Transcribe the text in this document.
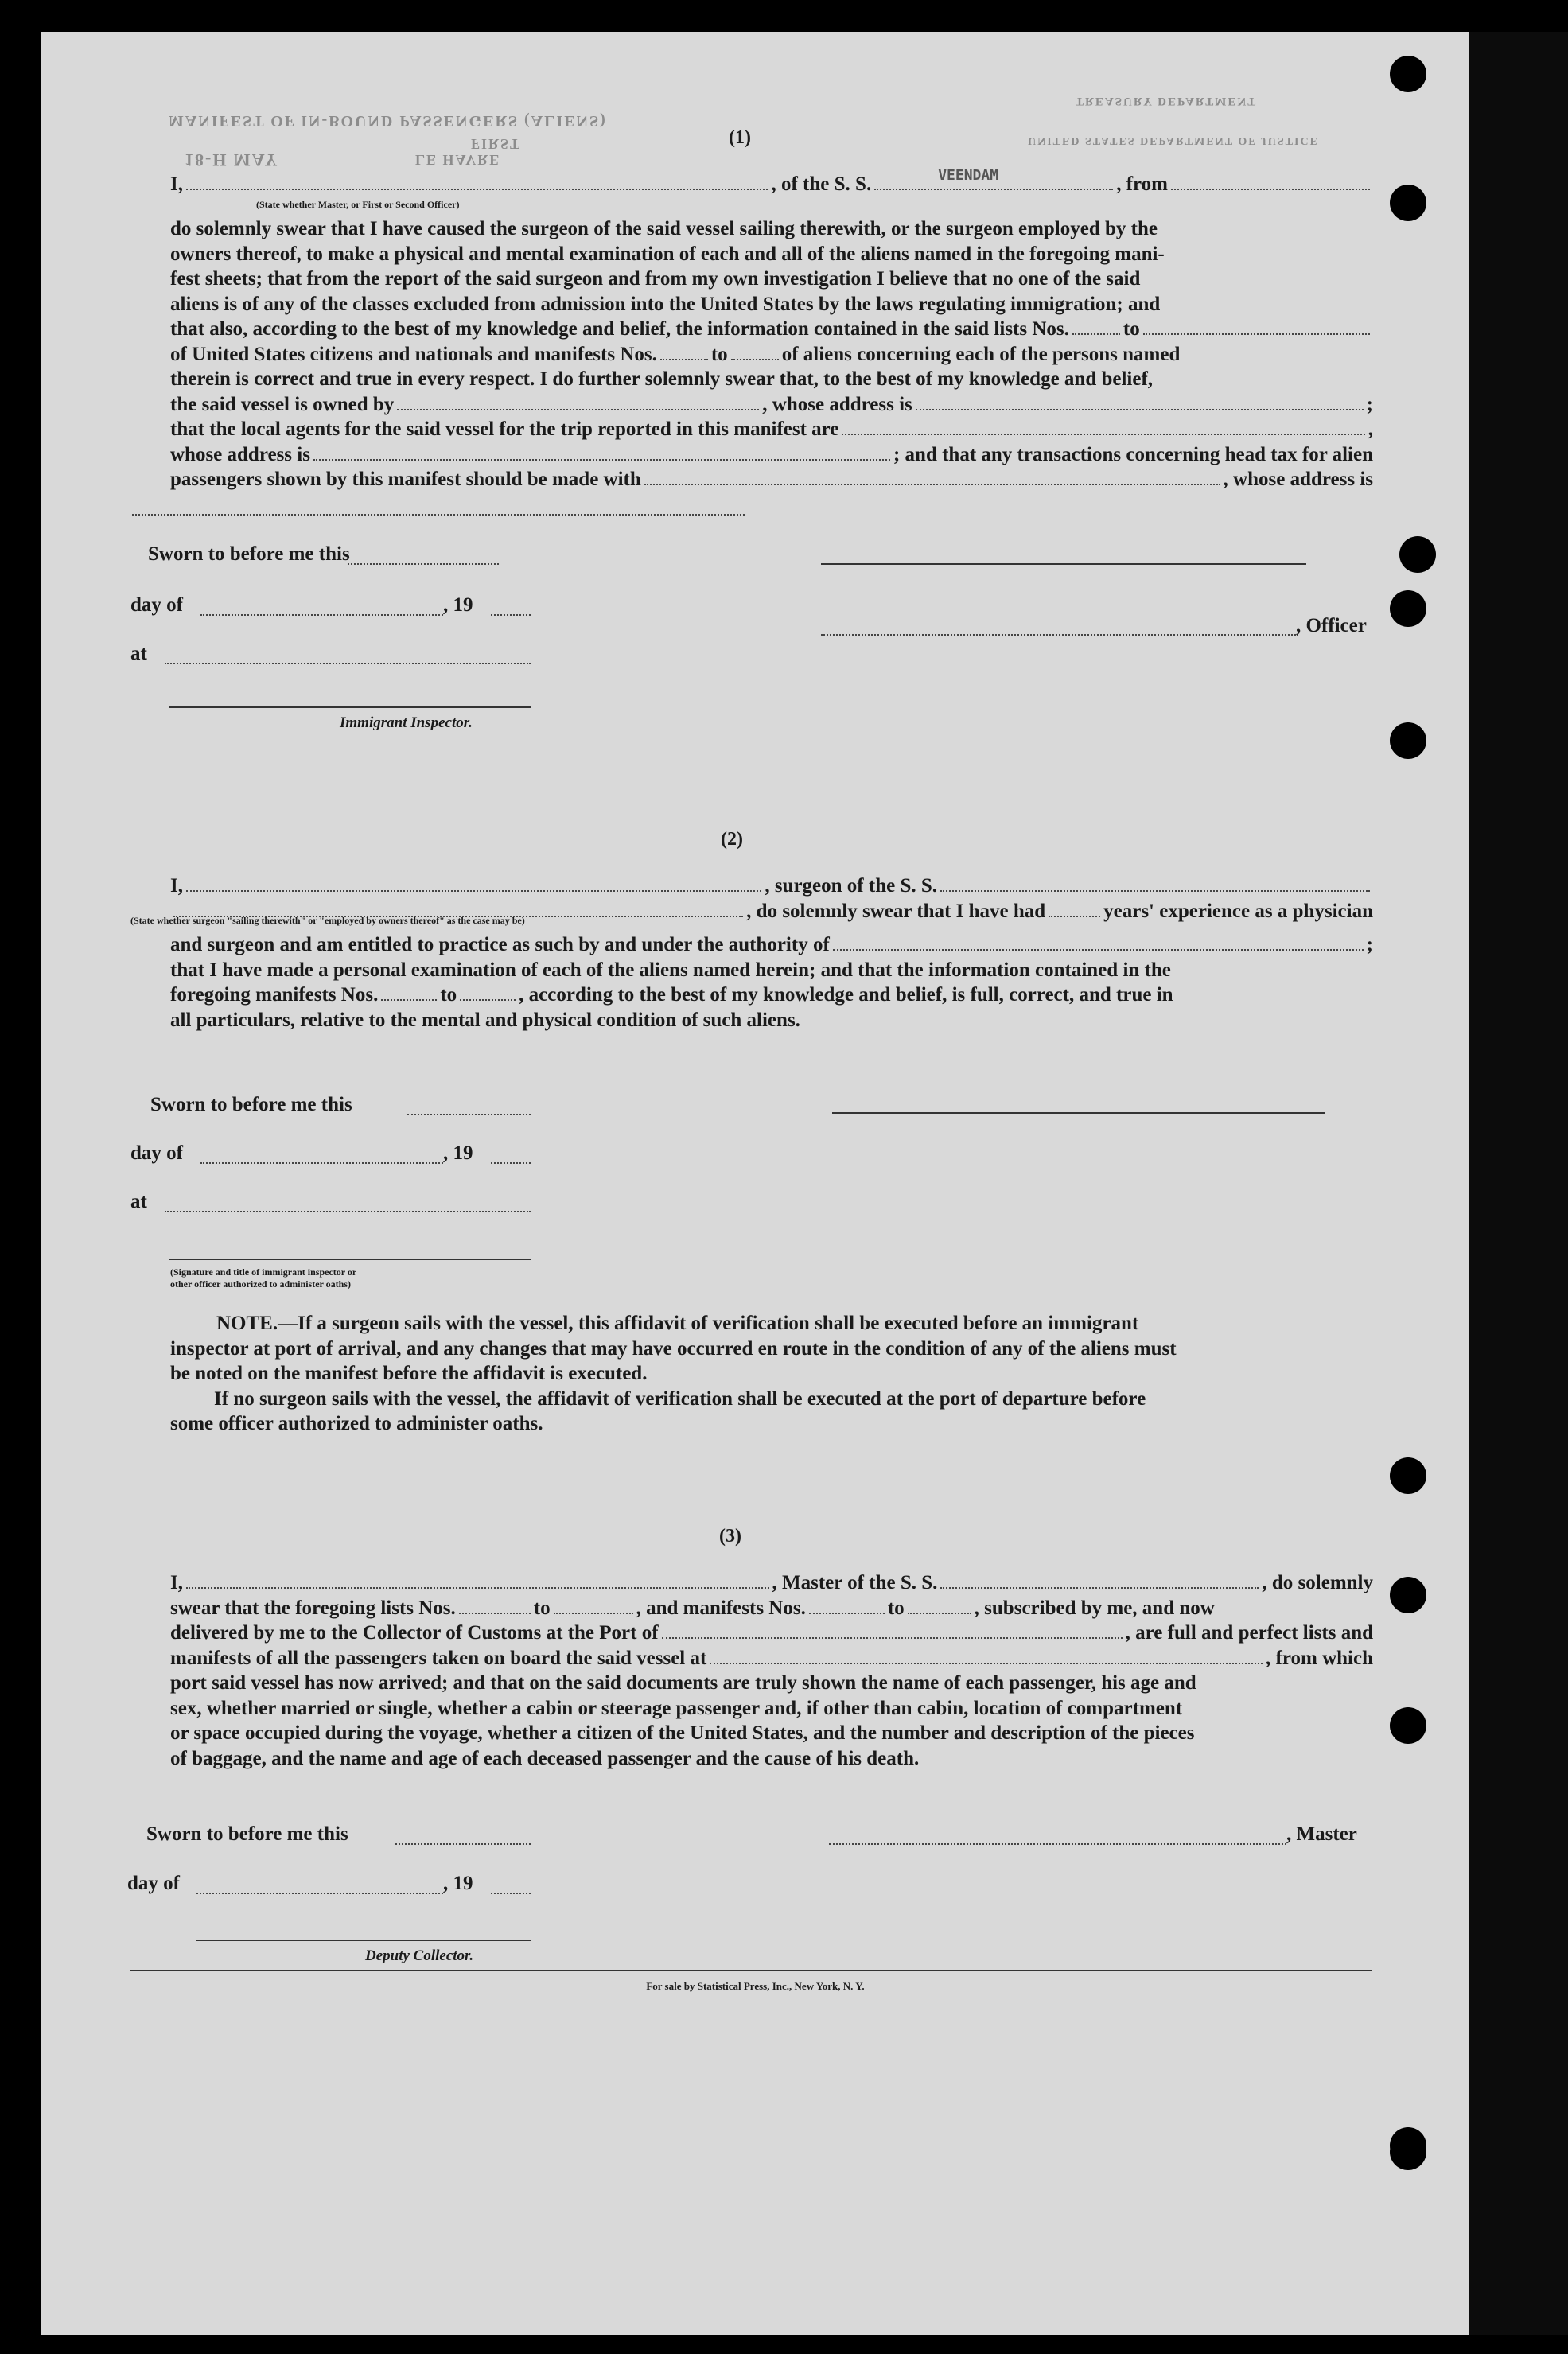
MANIFEST OF IN-BOUND PASSENGERS (ALIENS)
TREASURY DEPARTMENT
UNITED STATES DEPARTMENT OF JUSTICE
18-H MAY	LE HAVRE
FIRST	(1)
I,	, of the S. S.	VEENDAM	, from
(State whether Master, or First or Second Officer)
do solemnly swear that I have caused the surgeon of the said vessel sailing therewith, or the surgeon employed by the
owners thereof, to make a physical and mental examination of each and all of the aliens named in the foregoing mani-
fest sheets; that from the report of the said surgeon and from my own investigation I believe that no one of the said
aliens is of any of the classes excluded from admission into the United States by the laws regulating immigration; and
that also, according to the best of my knowledge and belief, the information contained in the said lists Nos.	to
of United States citizens and nationals and manifests Nos.	to	of aliens concerning each of the persons named
therein is correct and true in every respect. I do further solemnly swear that, to the best of my knowledge and belief,
the said vessel is owned by	, whose address is	;
that the local agents for the said vessel for the trip reported in this manifest are	,
whose address is	; and that any transactions concerning head tax for alien
passengers shown by this manifest should be made with	, whose address is
Sworn to before me this
day of	, 19
at
Immigrant Inspector.
, Officer
(2)
I,	, surgeon of the S. S.
, do solemnly swear that I have had	years' experience as a physician
(State whether surgeon "sailing therewith" or "employed by owners thereof" as the case may be)
and surgeon and am entitled to practice as such by and under the authority of	;
that I have made a personal examination of each of the aliens named herein; and that the information contained in the
foregoing manifests Nos.	to	, according to the best of my knowledge and belief, is full, correct, and true in
all particulars, relative to the mental and physical condition of such aliens.
Sworn to before me this
day of	, 19
at
(Signature and title of immigrant inspector or other officer authorized to administer oaths)
NOTE.—If a surgeon sails with the vessel, this affidavit of verification shall be executed before an immigrant
inspector at port of arrival, and any changes that may have occurred en route in the condition of any of the aliens must
be noted on the manifest before the affidavit is executed.
If no surgeon sails with the vessel, the affidavit of verification shall be executed at the port of departure before
some officer authorized to administer oaths.
(3)
I,	, Master of the S. S.	, do solemnly
swear that the foregoing lists Nos.	to	, and manifests Nos.	to	, subscribed by me, and now
delivered by me to the Collector of Customs at the Port of	, are full and perfect lists and
manifests of all the passengers taken on board the said vessel at	, from which
port said vessel has now arrived; and that on the said documents are truly shown the name of each passenger, his age and
sex, whether married or single, whether a cabin or steerage passenger and, if other than cabin, location of compartment
or space occupied during the voyage, whether a citizen of the United States, and the number and description of the pieces
of baggage, and the name and age of each deceased passenger and the cause of his death.
Sworn to before me this	, Master
day of	, 19
Deputy Collector.
For sale by Statistical Press, Inc., New York, N. Y.
